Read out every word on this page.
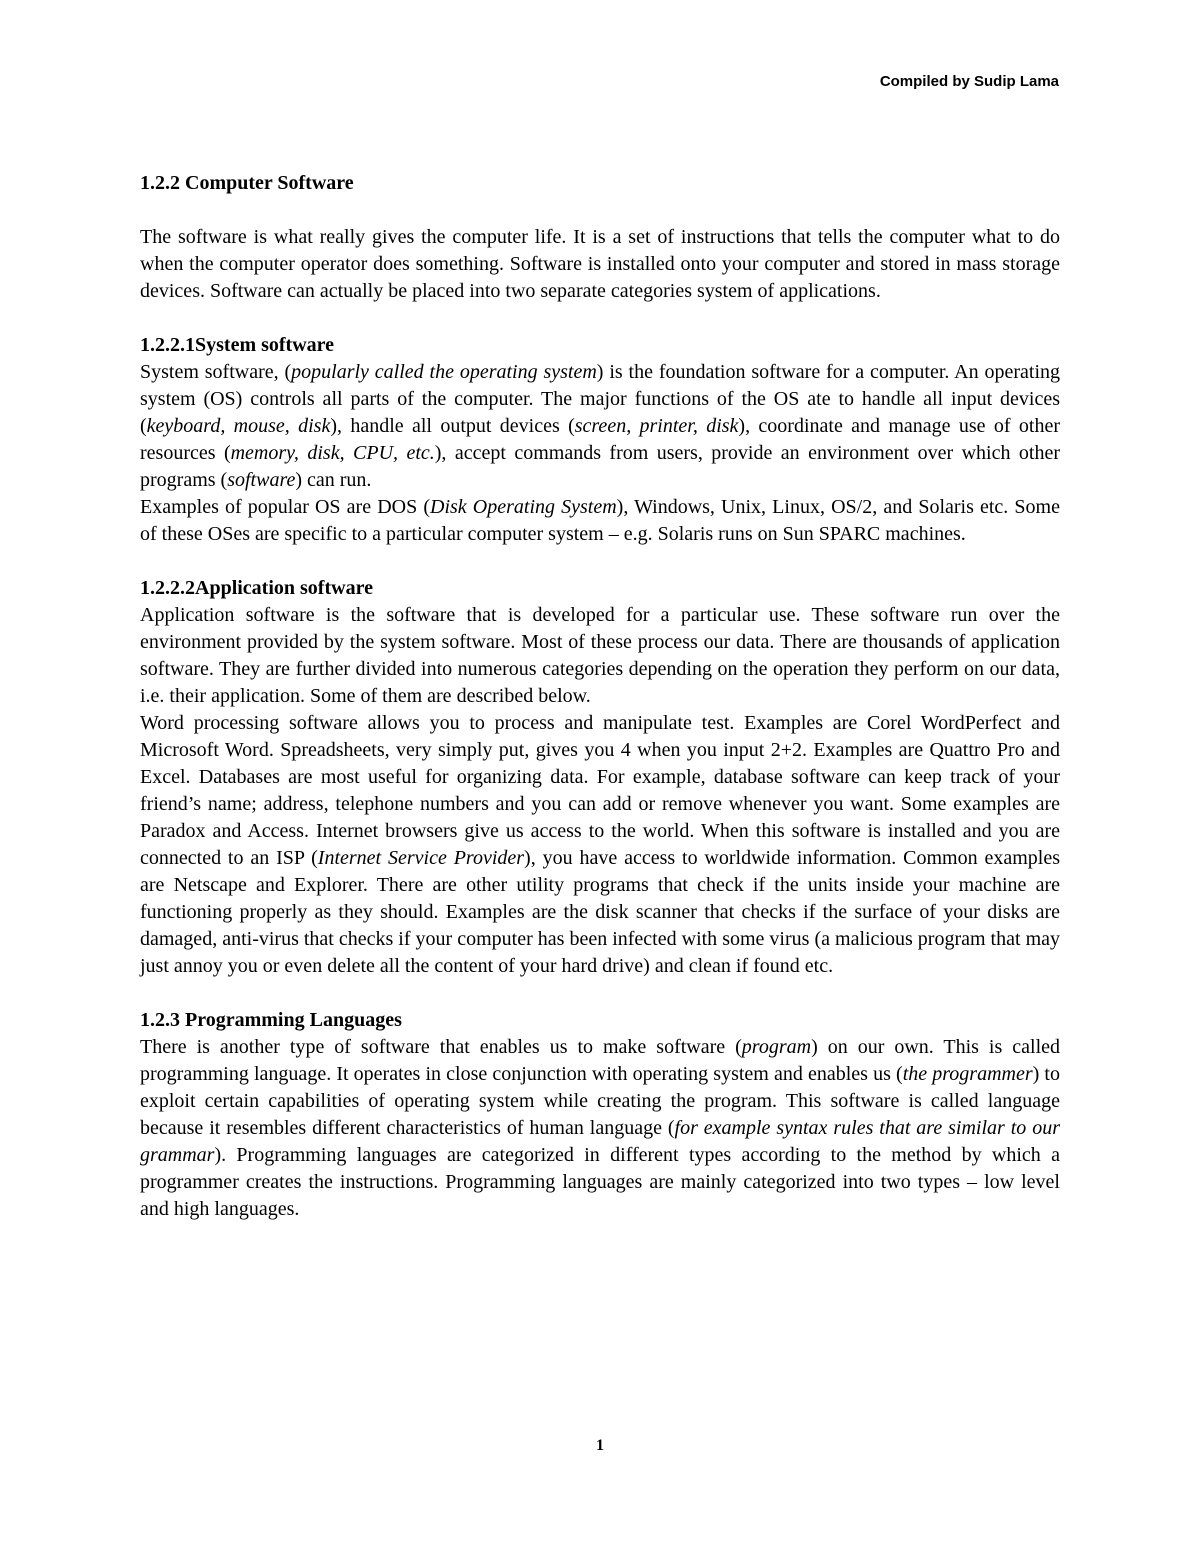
Compiled by Sudip Lama
1.2.2 Computer Software

The software is what really gives the computer life. It is a set of instructions that tells the computer what to do when the computer operator does something. Software is installed onto your computer and stored in mass storage devices. Software can actually be placed into two separate categories system of applications.

1.2.2.1System software

System software, (popularly called the operating system) is the foundation software for a computer. An operating system (OS) controls all parts of the computer. The major functions of the OS ate to handle all input devices (keyboard, mouse, disk), handle all output devices (screen, printer, disk), coordinate and manage use of other resources (memory, disk, CPU, etc.), accept commands from users, provide an environment over which other programs (software) can run.

Examples of popular OS are DOS (Disk Operating System), Windows, Unix, Linux, OS/2, and Solaris etc. Some of these OSes are specific to a particular computer system – e.g. Solaris runs on Sun SPARC machines.

1.2.2.2Application software

Application software is the software that is developed for a particular use. These software run over the environment provided by the system software. Most of these process our data. There are thousands of application software. They are further divided into numerous categories depending on the operation they perform on our data, i.e. their application. Some of them are described below.

Word processing software allows you to process and manipulate test. Examples are Corel WordPerfect and Microsoft Word. Spreadsheets, very simply put, gives you 4 when you input 2+2. Examples are Quattro Pro and Excel. Databases are most useful for organizing data. For example, database software can keep track of your friend’s name; address, telephone numbers and you can add or remove whenever you want. Some examples are Paradox and Access. Internet browsers give us access to the world. When this software is installed and you are connected to an ISP (Internet Service Provider), you have access to worldwide information. Common examples are Netscape and Explorer. There are other utility programs that check if the units inside your machine are functioning properly as they should. Examples are the disk scanner that checks if the surface of your disks are damaged, anti-virus that checks if your computer has been infected with some virus (a malicious program that may just annoy you or even delete all the content of your hard drive) and clean if found etc.

1.2.3 Programming Languages

There is another type of software that enables us to make software (program) on our own. This is called programming language. It operates in close conjunction with operating system and enables us (the programmer) to exploit certain capabilities of operating system while creating the program. This software is called language because it resembles different characteristics of human language (for example syntax rules that are similar to our grammar). Programming languages are categorized in different types according to the method by which a programmer creates the instructions. Programming languages are mainly categorized into two types – low level and high languages.

1
